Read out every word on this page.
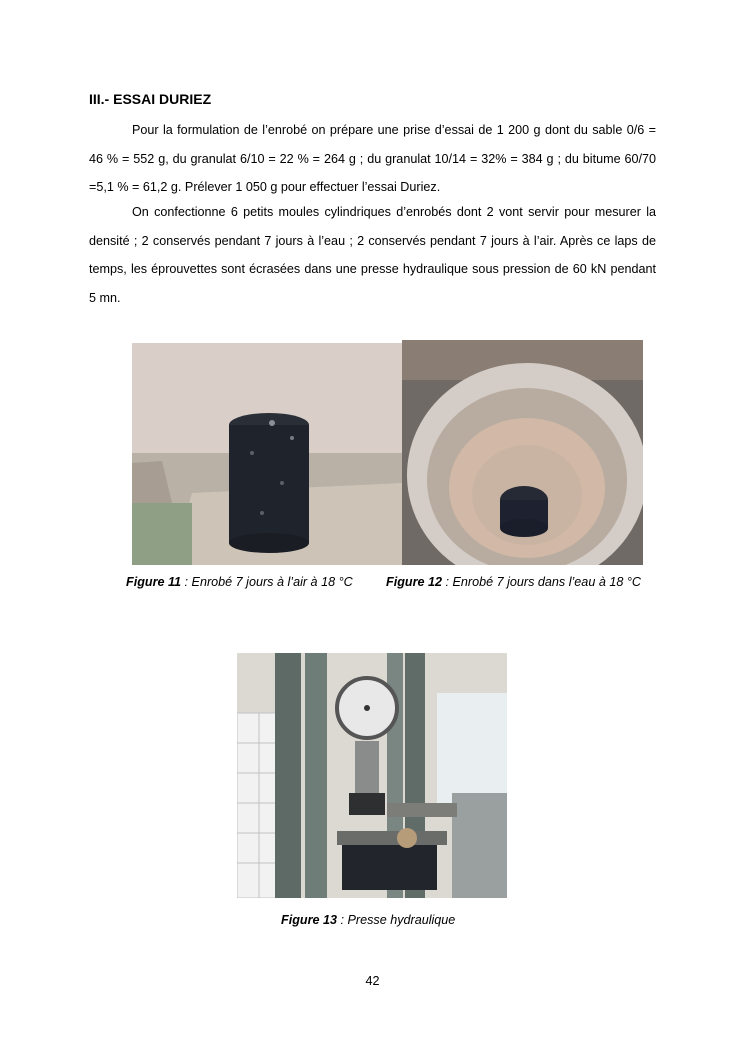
III.- ESSAI DURIEZ

Pour la formulation de l’enrobé on prépare une prise d’essai de 1 200 g dont du sable 0/6 = 46 % = 552 g, du granulat 6/10 = 22 % = 264 g ; du granulat 10/14 = 32% = 384 g ; du bitume 60/70 =5,1 % = 61,2 g. Prélever 1 050 g pour effectuer l’essai Duriez.

On confectionne 6 petits moules cylindriques d’enrobés dont 2 vont servir pour mesurer la densité ; 2 conservés pendant 7 jours à l’eau ; 2 conservés pendant 7 jours à l’air. Après ce laps de temps, les éprouvettes sont écrasées dans une presse hydraulique sous pression de 60 kN pendant 5 mn.

Figure 11 : Enrobé 7 jours à l’air à 18 °C	Figure 12 : Enrobé 7 jours dans l’eau à 18 °C
Figure 13 : Presse hydraulique
42
